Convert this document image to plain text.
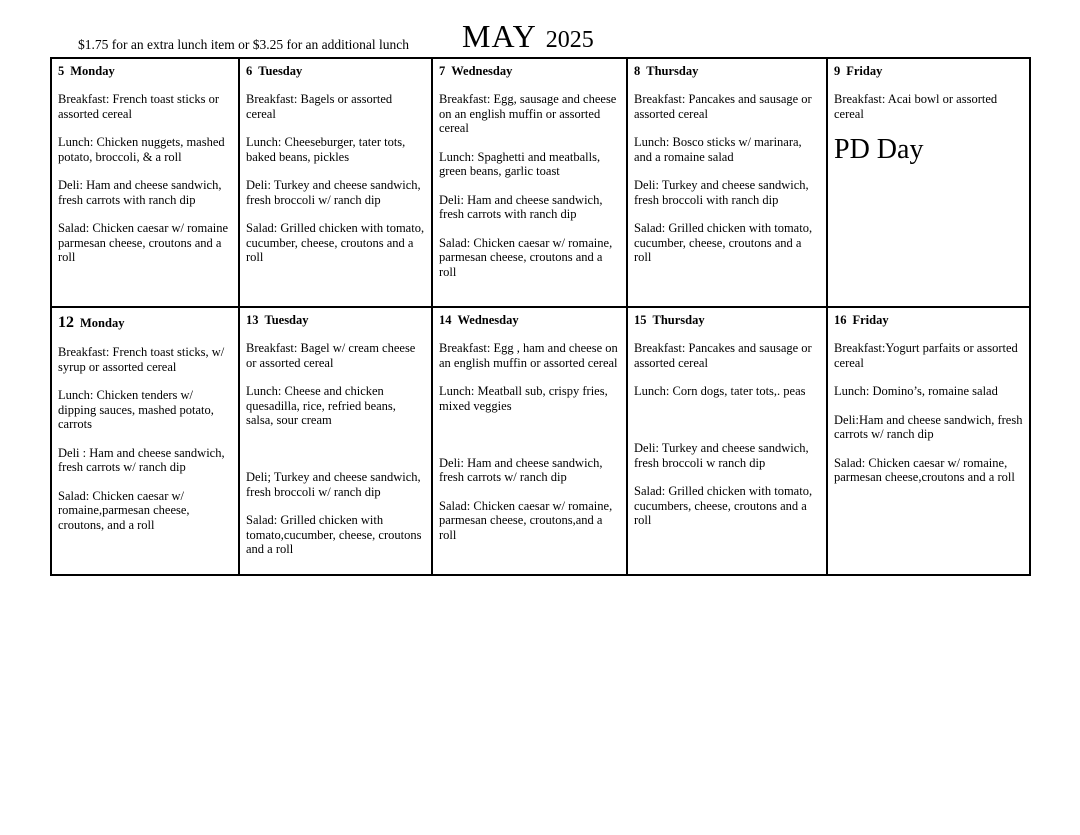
$1.75 for an extra lunch item or $3.25 for an additional lunch MAY 2025
5 Monday

Breakfast: French toast sticks or assorted cereal

Lunch: Chicken nuggets, mashed potato, broccoli, & a roll

Deli: Ham and cheese sandwich, fresh carrots with ranch dip

Salad: Chicken caesar w/ romaine parmesan cheese, croutons and a roll

6 Tuesday

Breakfast: Bagels or assorted cereal

Lunch: Cheeseburger, tater tots, baked beans, pickles

Deli: Turkey and cheese sandwich, fresh broccoli w/ ranch dip

Salad: Grilled chicken with tomato, cucumber, cheese, croutons and a roll

7 Wednesday

Breakfast: Egg, sausage and cheese on an english muffin or assorted cereal

Lunch: Spaghetti and meatballs, green beans, garlic toast

Deli: Ham and cheese sandwich, fresh carrots with ranch dip

Salad: Chicken caesar w/ romaine, parmesan cheese, croutons and a roll

8 Thursday

Breakfast: Pancakes and sausage or assorted cereal

Lunch: Bosco sticks w/ marinara, and a romaine salad

Deli: Turkey and cheese sandwich, fresh broccoli with ranch dip

Salad: Grilled chicken with tomato, cucumber, cheese, croutons and a roll

9 Friday

Breakfast: Acai bowl or assorted cereal

PD Day
12 Monday

Breakfast: French toast sticks, w/ syrup or assorted cereal

Lunch: Chicken tenders w/ dipping sauces, mashed potato, carrots

Deli : Ham and cheese sandwich, fresh carrots w/ ranch dip

Salad: Chicken caesar w/ romaine,parmesan cheese, croutons, and a roll

13 Tuesday

Breakfast: Bagel w/ cream cheese or assorted cereal

Lunch: Cheese and chicken quesadilla, rice, refried beans, salsa, sour cream

Deli; Turkey and cheese sandwich, fresh broccoli w/ ranch dip

Salad: Grilled chicken with tomato,cucumber, cheese, croutons and a roll

14 Wednesday

Breakfast: Egg , ham and cheese on an english muffin or assorted cereal

Lunch: Meatball sub, crispy fries, mixed veggies

Deli: Ham and cheese sandwich, fresh carrots w/ ranch dip

Salad: Chicken caesar w/ romaine, parmesan cheese, croutons,and a roll

15 Thursday

Breakfast: Pancakes and sausage or assorted cereal

Lunch: Corn dogs, tater tots,. peas

Deli: Turkey and cheese sandwich, fresh broccoli w ranch dip

Salad: Grilled chicken with tomato, cucumbers, cheese, croutons and a roll

16 Friday

Breakfast:Yogurt parfaits or assorted cereal

Lunch: Domino’s, romaine salad

Deli:Ham and cheese sandwich, fresh carrots w/ ranch dip

Salad: Chicken caesar w/ romaine, parmesan cheese,croutons and a roll
